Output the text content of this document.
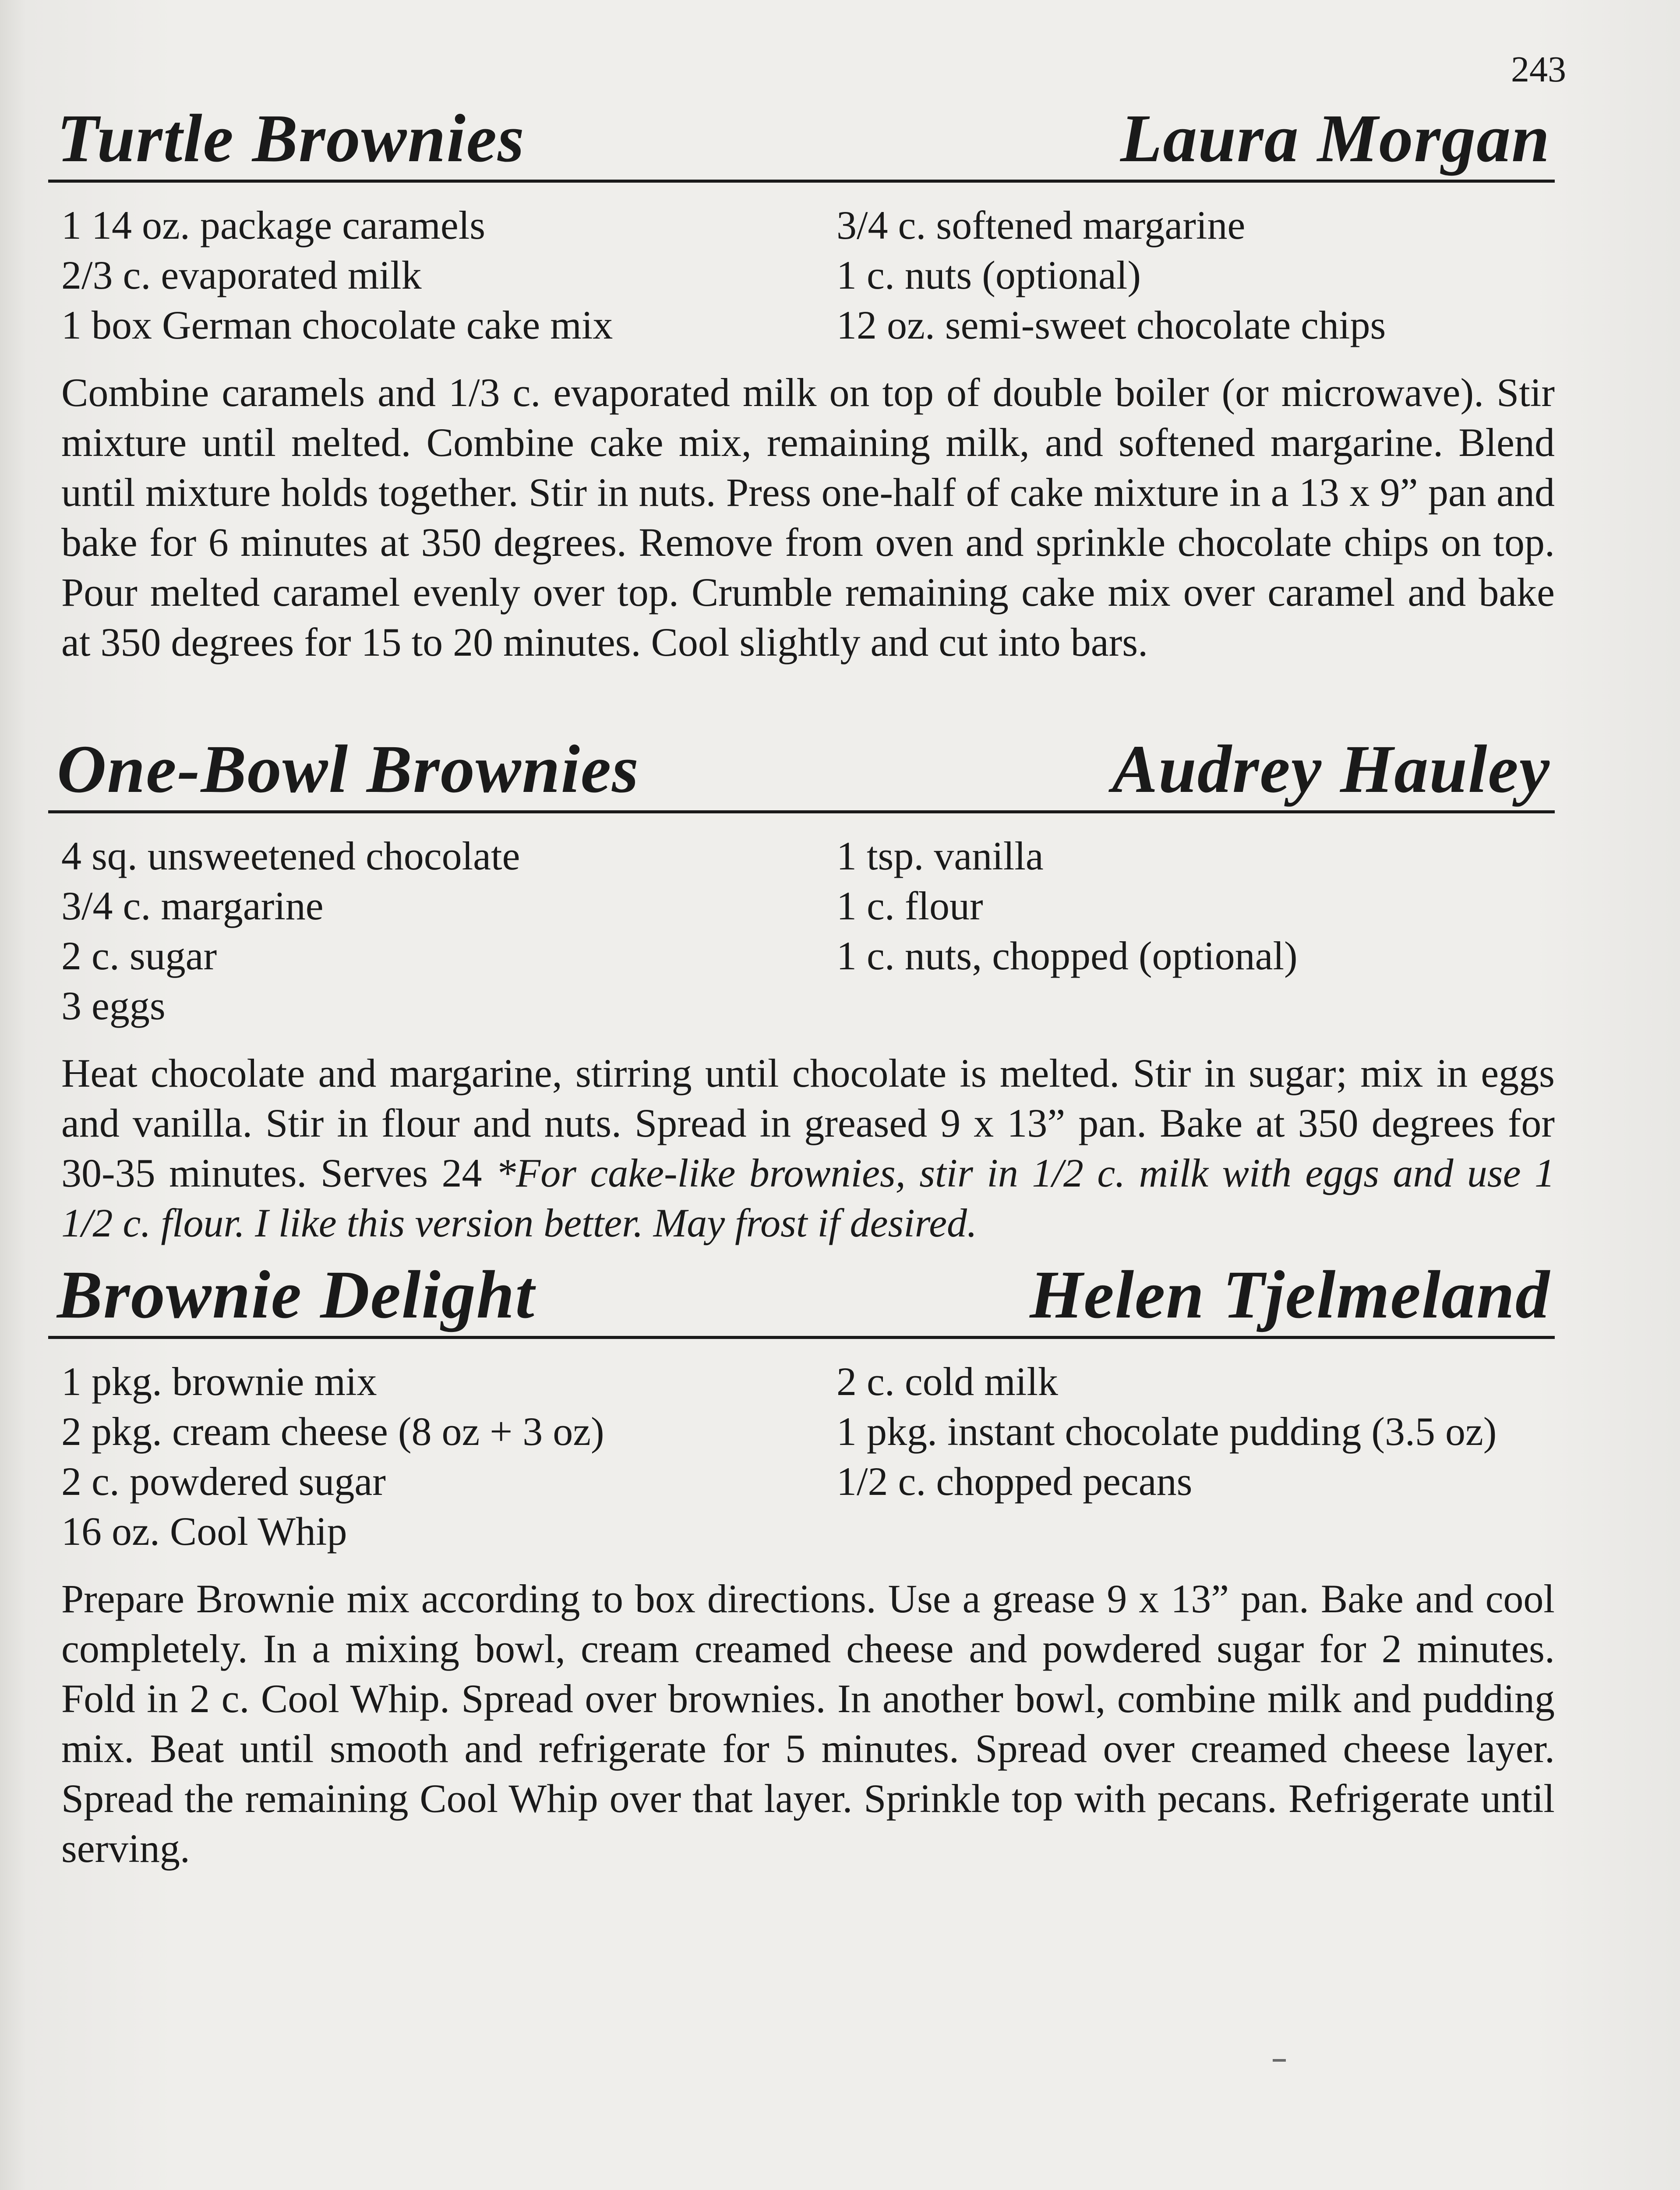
243
Turtle Brownies	Laura Morgan
1 14 oz. package caramels
2/3 c. evaporated milk
1 box German chocolate cake mix
3/4 c. softened margarine
1 c. nuts (optional)
12 oz. semi-sweet chocolate chips

Combine caramels and 1/3 c. evaporated milk on top of double boiler (or microwave). Stir mixture until melted. Combine cake mix, remaining milk, and softened margarine. Blend until mixture holds together. Stir in nuts. Press one-half of cake mixture in a 13 x 9” pan and bake for 6 minutes at 350 degrees. Remove from oven and sprinkle chocolate chips on top. Pour melted caramel evenly over top. Crumble remaining cake mix over caramel and bake at 350 degrees for 15 to 20 minutes. Cool slightly and cut into bars.

One-Bowl Brownies	Audrey Hauley
4 sq. unsweetened chocolate
3/4 c. margarine
2 c. sugar
3 eggs
1 tsp. vanilla
1 c. flour
1 c. nuts, chopped (optional)

Heat chocolate and margarine, stirring until chocolate is melted. Stir in sugar; mix in eggs and vanilla. Stir in flour and nuts. Spread in greased 9 x 13” pan. Bake at 350 degrees for 30-35 minutes. Serves 24 *For cake-like brownies, stir in 1/2 c. milk with eggs and use 1 1/2 c. flour. I like this version better. May frost if desired.

Brownie Delight	Helen Tjelmeland
1 pkg. brownie mix
2 pkg. cream cheese (8 oz + 3 oz)
2 c. powdered sugar
16 oz. Cool Whip
2 c. cold milk
1 pkg. instant chocolate pudding (3.5 oz)
1/2 c. chopped pecans

Prepare Brownie mix according to box directions. Use a grease 9 x 13” pan. Bake and cool completely. In a mixing bowl, cream creamed cheese and powdered sugar for 2 minutes. Fold in 2 c. Cool Whip. Spread over brownies. In another bowl, combine milk and pudding mix. Beat until smooth and refrigerate for 5 minutes. Spread over creamed cheese layer. Spread the remaining Cool Whip over that layer. Sprinkle top with pecans. Refrigerate until serving.
